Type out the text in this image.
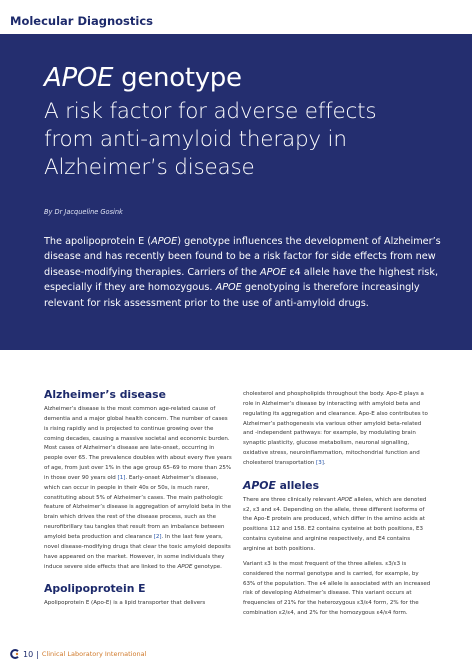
Molecular Diagnostics
APOE genotype
A risk factor for adverse effects
from anti-amyloid therapy in
Alzheimer’s disease
By Dr Jacqueline Gosink

The apolipoprotein E (APOE) genotype influences the development of Alzheimer’s disease and has recently been found to be a risk factor for side effects from new disease-modifying therapies. Carriers of the APOE ε4 allele have the highest risk, especially if they are homozygous. APOE genotyping is therefore increasingly relevant for risk assessment prior to the use of anti-amyloid drugs.

Alzheimer’s disease

Alzheimer’s disease is the most common age-related cause of dementia and a major global health concern. The number of cases is rising rapidly and is projected to continue growing over the coming decades, causing a massive societal and economic burden. Most cases of Alzheimer’s disease are late-onset, occurring in people over 65. The prevalence doubles with about every five years of age, from just over 1% in the age group 65–69 to more than 25% in those over 90 years old [1]. Early-onset Alzheimer’s disease, which can occur in people in their 40s or 50s, is much rarer, constituting about 5% of Alzheimer’s cases. The main pathologic feature of Alzheimer’s disease is aggregation of amyloid beta in the brain which drives the rest of the disease process, such as the neurofibrillary tau tangles that result from an imbalance between amyloid beta production and clearance [2]. In the last few years, novel disease-modifying drugs that clear the toxic amyloid deposits have appeared on the market. However, in some individuals they induce severe side effects that are linked to the APOE genotype.

Apolipoprotein E

Apolipoprotein E (Apo-E) is a lipid transporter that delivers

cholesterol and phospholipids throughout the body. Apo-E plays a role in Alzheimer’s disease by interacting with amyloid beta and regulating its aggregation and clearance. Apo-E also contributes to Alzheimer’s pathogenesis via various other amyloid beta-related and -independent pathways: for example, by modulating brain synaptic plasticity, glucose metabolism, neuronal signalling, oxidative stress, neuroinflammation, mitochondrial function and cholesterol transportation [3].

APOE alleles

There are three clinically relevant APOE alleles, which are denoted ε2, ε3 and ε4. Depending on the allele, three different isoforms of the Apo-E protein are produced, which differ in the amino acids at positions 112 and 158. E2 contains cysteine at both positions, E3 contains cysteine and arginine respectively, and E4 contains arginine at both positions.

Variant ε3 is the most frequent of the three alleles. ε3/ε3 is considered the normal genotype and is carried, for example, by 63% of the population. The ε4 allele is associated with an increased risk of developing Alzheimer’s disease. This variant occurs at frequencies of 21% for the heterozygous ε3/ε4 form, 2% for the combination ε2/ε4, and 2% for the homozygous ε4/ε4 form.

10 | Clinical Laboratory International
